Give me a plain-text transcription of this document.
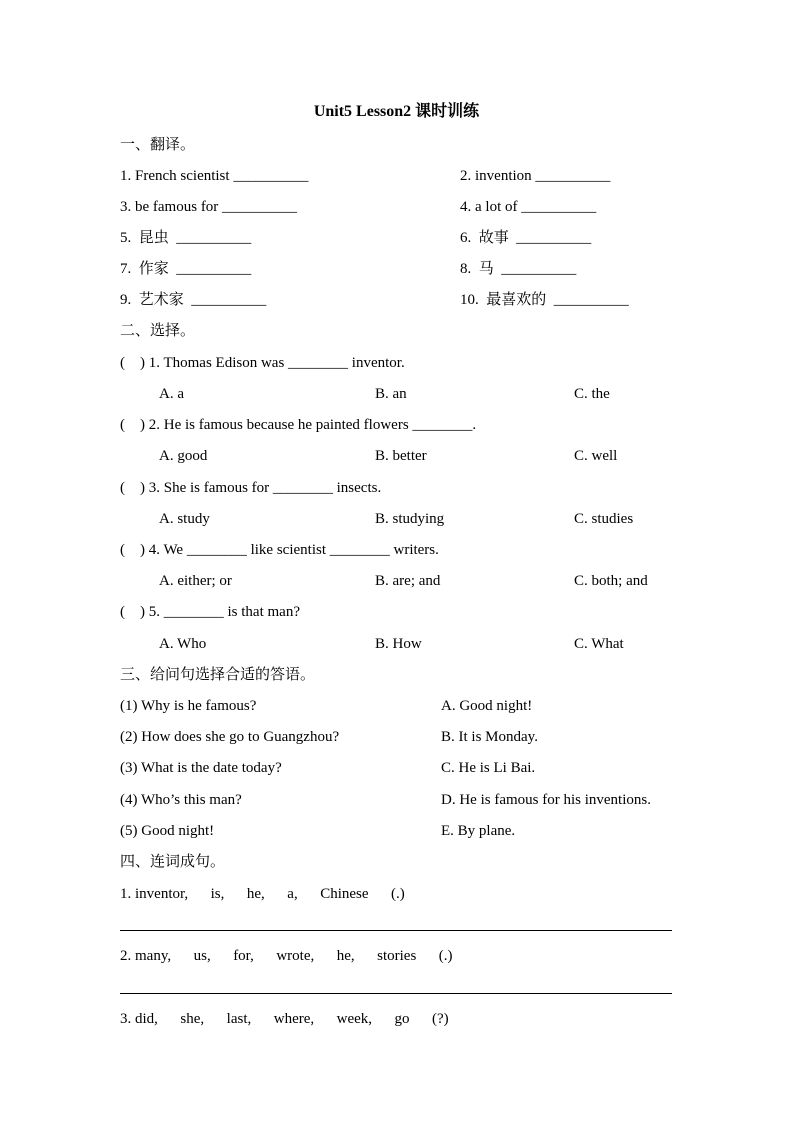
Unit5 Lesson2 课时训练
一、翻译。
1. French scientist __________	2. invention __________
3. be famous for __________	4. a lot of __________
5.  昆虫  __________	6.  故事  __________
7.  作家  __________	8.  马  __________
9.  艺术家  __________	10.  最喜欢的  __________
二、选择。
(    ) 1. Thomas Edison was ________ inventor.
A. a	B. an	C. the
(    ) 2. He is famous because he painted flowers ________.
A. good	B. better	C. well
(    ) 3. She is famous for ________ insects.
A. study	B. studying	C. studies
(    ) 4. We ________ like scientist ________ writers.
A. either; or	B. are; and	C. both; and
(    ) 5. ________ is that man?
A. Who	B. How	C. What
三、给问句选择合适的答语。
(1) Why is he famous?	A. Good night!
(2) How does she go to Guangzhou?	B. It is Monday.
(3) What is the date today?	C. He is Li Bai.
(4) Who’s this man?	D. He is famous for his inventions.
(5) Good night!	E. By plane.
四、连词成句。
1. inventor,      is,      he,      a,      Chinese      (.)
2. many,      us,      for,      wrote,      he,      stories      (.)
3. did,      she,      last,      where,      week,      go      (?)
